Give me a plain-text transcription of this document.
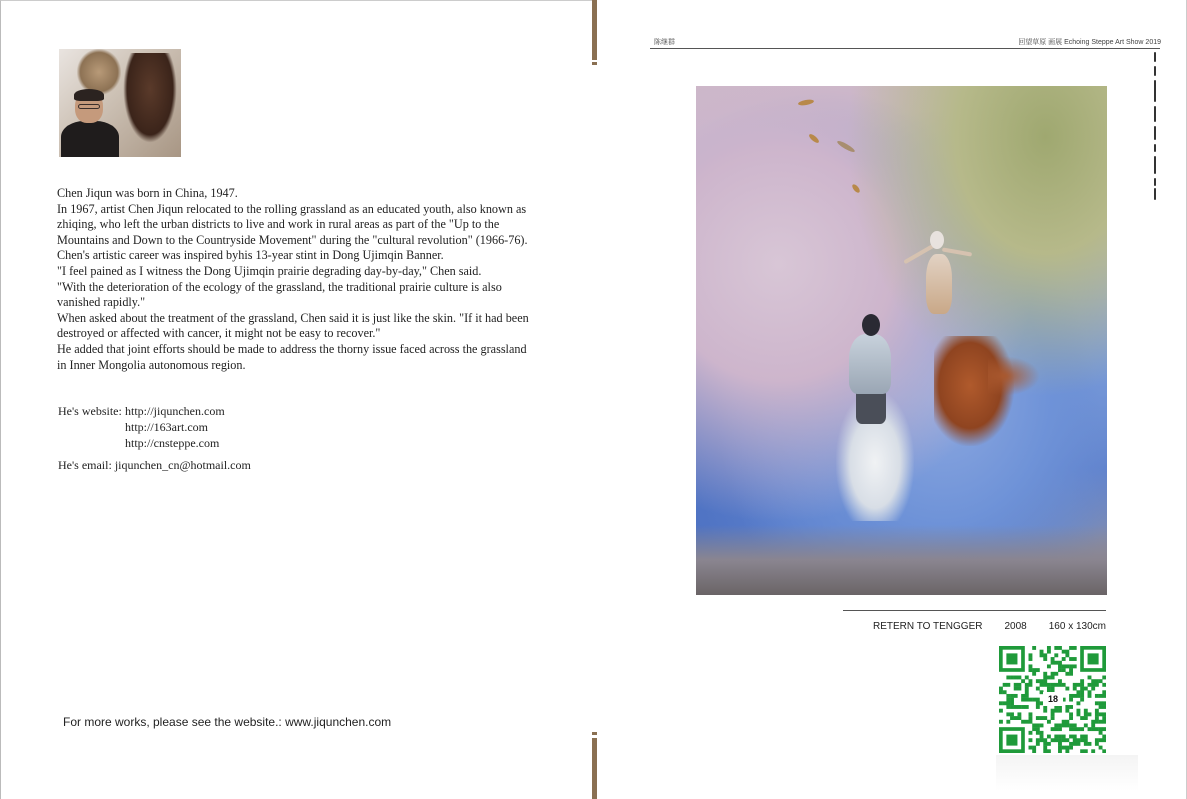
Chen Jiqun was born in China, 1947.

In 1967, artist Chen Jiqun relocated to the rolling grassland as an educated youth, also known as zhiqing, who left the urban districts to live and work in rural areas as part of the "Up to the Mountains and Down to the Countryside Movement" during the "cultural revolution" (1966-76).

Chen's artistic career was inspired byhis 13-year stint in Dong Ujimqin Banner.

"I feel pained as I witness the Dong Ujimqin prairie degrading day-by-day," Chen said.

"With the deterioration of the ecology of the grassland, the traditional prairie culture is also vanished rapidly."

When asked about the treatment of the grassland, Chen said it is just like the skin. "If it had been destroyed or affected with cancer, it might not be easy to recover."

He added that joint efforts should be made to address the thorny issue faced across the grassland in Inner Mongolia autonomous region.

He's website: http://jiqunchen.com
http://163art.com
http://cnsteppe.com
He's email: jiqunchen_cn@hotmail.com
For more works, please see the website.: www.jiqunchen.com
陈继群	回望草原 画展 Echoing Steppe Art Show 2019
RETERN TO TENGGER 2008 160 x 130cm
18
